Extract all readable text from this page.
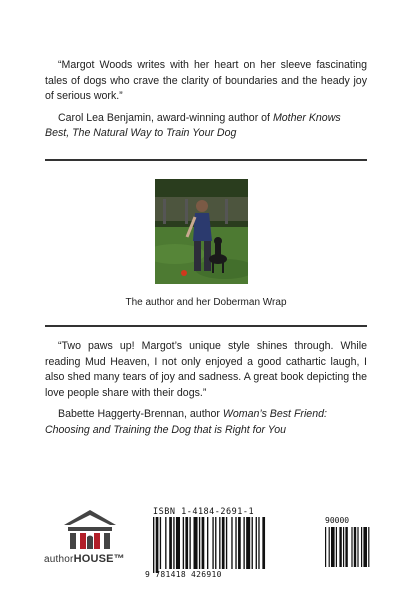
“Margot Woods writes with her heart on her sleeve fascinating tales of dogs who crave the clarity of boundaries and the heady joy of serious work.”
Carol Lea Benjamin, award-winning author of Mother Knows Best, The Natural Way to Train Your Dog
The author and her Doberman Wrap
“Two paws up! Margot’s unique style shines through. While reading Mud Heaven, I not only enjoyed a good cathartic laugh, I also shed many tears of joy and sadness. A great book depicting the love people share with their dogs.”
Babette Haggerty-Brennan, author Woman’s Best Friend: Choosing and Training the Dog that is Right for You
authorHOUSE™
ISBN 1-4184-2691-1
90000
9 781418 426910
